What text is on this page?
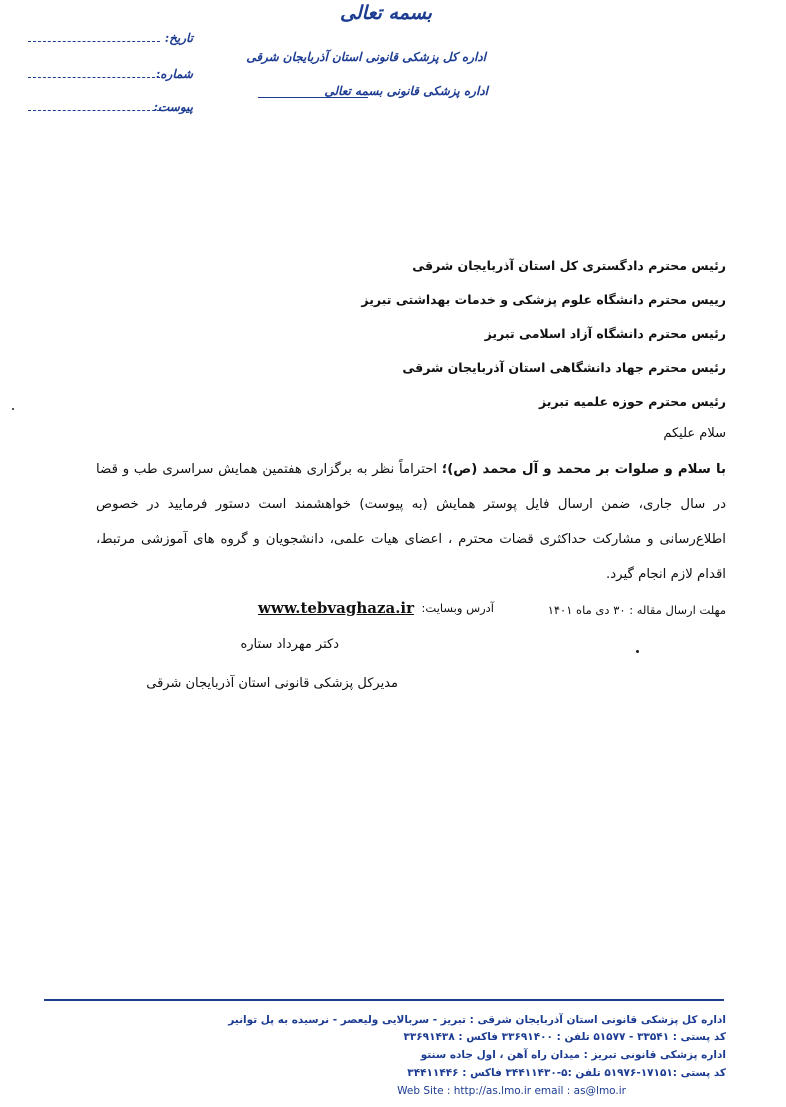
بسمه تعالی
اداره کل پزشکی قانونی استان آذربایجان شرقی
اداره پزشکی قانونی بسمه تعالی
تاریخ:
شماره:
پیوست:
رئیس محترم دادگستری کل استان آذربایجان شرقی
رییس محترم دانشگاه علوم پزشکی و خدمات بهداشتی تبریز
رئیس محترم دانشگاه آزاد اسلامی تبریز
رئیس محترم جهاد دانشگاهی استان آذربایجان شرقی
رئیس محترم حوزه علمیه تبریز
سلام علیکم
با سلام و صلوات بر محمد و آل محمد (ص)؛ احتراماً نظر به برگزاری هفتمین همایش سراسری طب و قضا در سال جاری، ضمن ارسال فایل پوستر همایش (به پیوست) خواهشمند است دستور فرمایید در خصوص اطلاع‌رسانی و مشارکت حداکثری قضات محترم ، اعضای هیات علمی، دانشجویان و گروه های آموزشی مرتبط، اقدام لازم انجام گیرد.
مهلت ارسال مقاله : ۳۰ دی ماه ۱۴۰۱
آدرس وبسایت:
www.tebvaghaza.ir
دکتر مهرداد ستاره
مدیرکل پزشکی قانونی استان آذربایجان شرقی
اداره کل پزشکی قانونی استان آذربایجان شرقی : تبریز - سربالایی ولیعصر - نرسیده به پل توانیر
کد پستی : ۳۳۵۴۱ - ۵۱۵۷۷ تلفن : ۳۳۶۹۱۴۰۰ فاکس : ۳۳۶۹۱۴۳۸
اداره پزشکی قانونی تبریز : میدان راه آهن ، اول جاده سنتو
کد پستی :۱۷۱۵۱-۵۱۹۷۶ تلفن :۵-۳۴۴۱۱۴۳۰ فاکس : ۳۴۴۱۱۴۴۶
Web Site : http://as.lmo.ir email : as@lmo.ir
